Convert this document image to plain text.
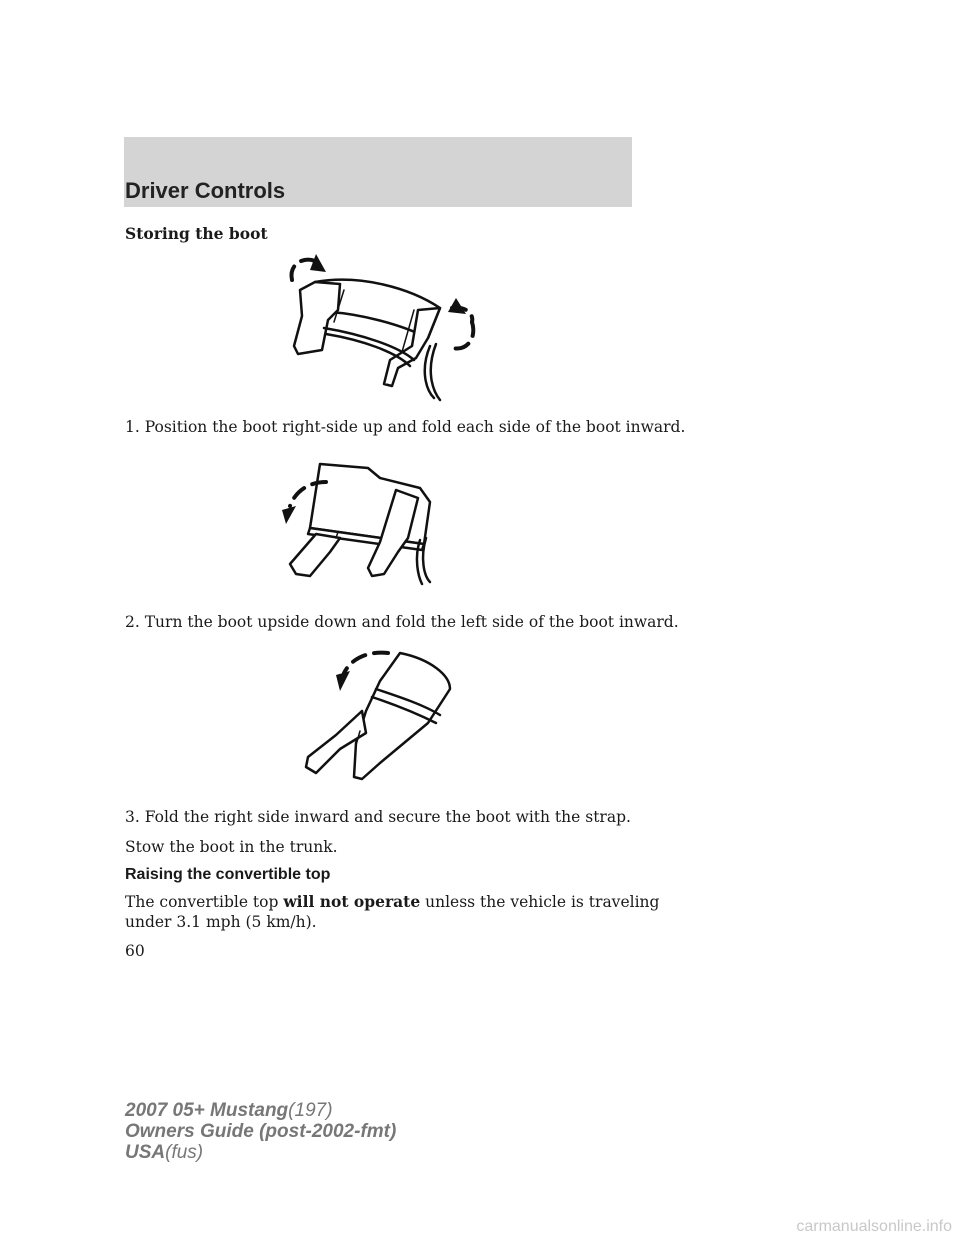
Driver Controls
Storing the boot
1. Position the boot right-side up and fold each side of the boot inward.
2. Turn the boot upside down and fold the left side of the boot inward.
3. Fold the right side inward and secure the boot with the strap.
Stow the boot in the trunk.
Raising the convertible top
The convertible top will not operate unless the vehicle is traveling
under 3.1 mph (5 km/h).
60
2007 05+ Mustang(197)
Owners Guide (post-2002-fmt)
USA(fus)
carmanualsonline.info
